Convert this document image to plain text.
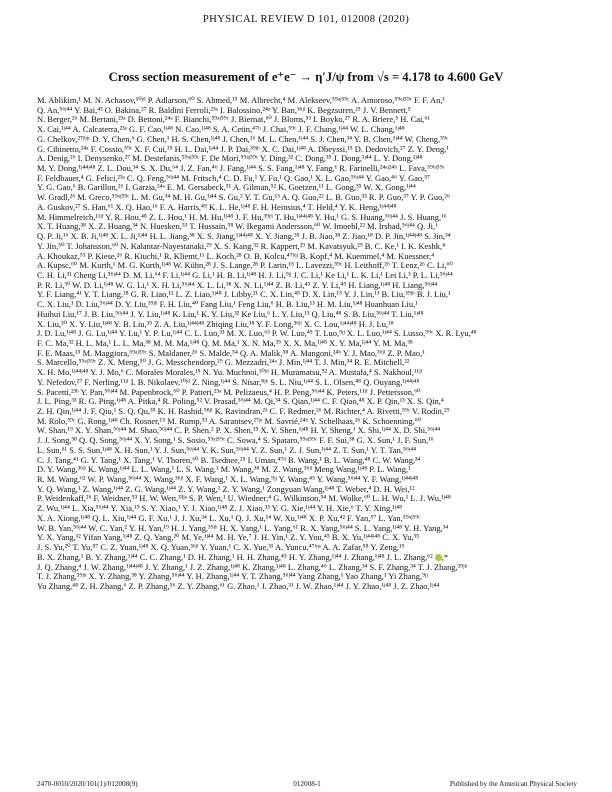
PHYSICAL REVIEW D 101, 012008 (2020)
Cross section measurement of e⁺e⁻ → η′J/ψ from √s = 4.178 to 4.600 GeV
M. Ablikim,¹ M. N. Achasov,¹⁰ʲᵈ P. Adlarson,⁶⁰ S. Ahmed,¹⁵ M. Albrecht,⁴ M. Alekseev,⁵⁹ᵃʲ⁵⁹ᶜ A. Amoroso,⁵⁹ᵃʲ⁵⁹ᶜ F. F. An,¹
Q. An,⁵⁶ʲ⁴⁴ Y. Bai,⁴³ O. Bakina,²⁷ R. Baldini Ferroli,²³ᵃ I. Balossino,²⁴ᵃ Y. Ban,³⁶ʲˡ K. Begzsuren,²⁵ J. V. Bennett,⁵
N. Berger,²⁶ M. Bertani,²³ᵃ D. Bettoni,²⁴ᵃ F. Bianchi,⁵⁹ᵃʲ⁵⁹ᶜ J. Biernat,⁶⁰ J. Bloms,⁵³ I. Boyko,²⁷ R. A. Briere,⁵ H. Cai,⁶¹
X. Cai,¹ʲ⁴⁴ A. Calcaterra,²³ᵃ G. F. Cao,¹ʲ⁴⁸ N. Cao,¹ʲ⁴⁸ S. A. Cetin,⁴⁷ᵇ J. Chai,⁵⁹ᶜ J. F. Chang,¹ʲ⁴⁴ W. L. Chang,¹ʲ⁴⁸
G. Chelkov,²⁷ʲᵇʲᶜ D. Y. Chen,⁶ G. Chen,¹ H. S. Chen,¹ʲ⁴⁸ J. Chen,¹⁶ M. L. Chen,¹ʲ⁴⁴ S. J. Chen,³⁴ Y. B. Chen,¹ʲ⁴⁴ W. Cheng,⁵⁹ᶜ
G. Cibinetto,²⁴ᵃ F. Cossio,⁵⁹ᶜ X. F. Cui,³⁵ H. L. Dai,¹ʲ⁴⁴ J. P. Dai,³⁹ʲʰ X. C. Dai,¹ʲ⁴⁸ A. Dbeyssi,¹⁵ D. Dedovich,²⁷ Z. Y. Deng,¹
A. Denig,²⁶ I. Denysenko,²⁷ M. Destefanis,⁵⁹ᵃʲ⁵⁹ᶜ F. De Mori,⁵⁹ᵃʲ⁵⁹ᶜ Y. Ding,³² C. Dong,³⁵ J. Dong,¹ʲ⁴⁴ L. Y. Dong,¹ʲ⁴⁸
M. Y. Dong,¹ʲ⁴⁴ʲ⁴⁸ Z. L. Dou,³⁴ S. X. Du,⁶⁴ J. Z. Fan,⁴⁶ J. Fang,¹ʲ⁴⁴ S. S. Fang,¹ʲ⁴⁸ Y. Fang,¹ R. Farinelli,²⁴ᵃʲ²⁴ᵇ L. Fava,⁵⁹ᵇʲ⁵⁹ᶜ
F. Feldbauer,⁴ G. Felici,²³ᵃ C. Q. Feng,⁵⁶ʲ⁴⁴ M. Fritsch,⁴ C. D. Fu,¹ Y. Fu,¹ Q. Gao,¹ X. L. Gao,⁵⁶ʲ⁴⁴ Y. Gao,⁴⁶ Y. Gao,⁵⁷
Y. G. Gao,⁶ B. Garillon,²⁶ I. Garzia,²⁴ᵃ E. M. Gersabeck,⁵¹ A. Gilman,⁵² K. Goetzen,¹¹ L. Gong,³⁵ W. X. Gong,¹ʲ⁴⁴
W. Gradl,²⁶ M. Greco,⁵⁹ᵃʲ⁵⁹ᶜ L. M. Gu,³⁴ M. H. Gu,¹ʲ⁴⁴ S. Gu,² Y. T. Gu,¹³ A. Q. Guo,²² L. B. Guo,³³ R. P. Guo,³⁷ Y. P. Guo,²⁶
A. Guskov,²⁷ S. Han,⁶¹ X. Q. Hao,¹⁶ F. A. Harris,⁴⁹ K. L. He,¹ʲ⁴⁸ F. H. Heinsius,⁴ T. Held,⁴ Y. K. Heng,¹ʲ⁴⁴ʲ⁴⁸
M. Himmelreich,¹¹ʲᶠ Y. R. Hou,⁴⁸ Z. L. Hou,¹ H. M. Hu,¹ʲ⁴⁸ J. F. Hu,³⁹ʲʰ T. Hu,¹ʲ⁴⁴ʲ⁴⁸ Y. Hu,¹ G. S. Huang,⁵⁶ʲ⁴⁴ J. S. Huang,¹⁶
X. T. Huang,³⁸ X. Z. Huang,³⁴ N. Huesken,⁵³ T. Hussain,⁵⁸ W. Ikegami Andersson,⁶⁰ W. Imoehl,²² M. Irshad,⁵⁶ʲ⁴⁴ Q. Ji,¹
Q. P. Ji,¹⁶ X. B. Ji,¹ʲ⁴⁸ X. L. Ji,¹ʲ⁴⁴ H. L. Jiang,³⁸ X. S. Jiang,¹ʲ⁴⁴ʲ⁴⁸ X. Y. Jiang,³⁵ J. B. Jiao,³⁸ Z. Jiao,¹⁸ D. P. Jin,¹ʲ⁴⁴ʲ⁴⁸ S. Jin,³⁴
Y. Jin,⁵⁰ T. Johansson,⁶⁰ N. Kalantar-Nayestanaki,²⁹ X. S. Kang,³² R. Kappert,²⁹ M. Kavatsyuk,²⁹ B. C. Ke,¹ I. K. Keshk,⁴
A. Khoukaz,⁵³ P. Kiese,²⁶ R. Kiuchi,¹ R. Kliemt,¹¹ L. Koch,²⁸ O. B. Kolcu,⁴⁷ᵇʲʲ B. Kopf,⁴ M. Kuemmel,⁴ M. Kuessner,⁴
A. Kupsc,⁶⁰ M. Kurth,¹ M. G. Kurth,¹ʲ⁴⁸ W. Kühn,²⁸ J. S. Lange,²⁸ P. Larin,¹⁵ L. Lavezzi,⁵⁹ᶜ H. Leithoff,²⁶ T. Lenz,²⁶ C. Li,⁶⁰
C. H. Li,³¹ Cheng Li,⁵⁶ʲ⁴⁴ D. M. Li,⁶⁴ F. Li,¹ʲ⁴⁴ G. Li,¹ H. B. Li,¹ʲ⁴⁸ H. J. Li,⁹ʲʲ J. C. Li,¹ Ke Li,¹ L. K. Li,¹ Lei Li,³ P. L. Li,⁵⁶ʲ⁴⁴
P. R. Li,³⁰ W. D. Li,¹ʲ⁴⁸ W. G. Li,¹ X. H. Li,⁵⁶ʲ⁴⁴ X. L. Li,³⁸ X. N. Li,¹ʲ⁴⁴ Z. B. Li,⁴⁵ Z. Y. Li,⁴⁵ H. Liang,¹ʲ⁴⁸ H. Liang,⁵⁶ʲ⁴⁴
Y. F. Liang,⁴¹ Y. T. Liang,²⁸ G. R. Liao,¹² L. Z. Liao,¹ʲ⁴⁸ J. Libby,²¹ C. X. Lin,⁴⁵ D. X. Lin,¹⁵ Y. J. Lin,¹³ B. Liu,³⁹ʲʰ B. J. Liu,¹
C. X. Liu,¹ D. Liu,⁵⁶ʲ⁴⁴ D. Y. Liu,³⁹ʲʰ F. H. Liu,⁴⁰ Fang Liu,¹ Feng Liu,⁶ H. B. Liu,¹³ H. M. Liu,¹ʲ⁴⁸ Huanhuan Liu,¹
Huihui Liu,¹⁷ J. B. Liu,⁵⁶ʲ⁴⁴ J. Y. Liu,¹ʲ⁴⁸ K. Liu,¹ K. Y. Liu,³² Ke Liu,⁶ L. Y. Liu,¹³ Q. Liu,⁴⁸ S. B. Liu,⁵⁶ʲ⁴⁴ T. Liu,¹ʲ⁴⁸
X. Liu,³⁰ X. Y. Liu,¹ʲ⁴⁸ Y. B. Liu,³⁵ Z. A. Liu,¹ʲ⁴⁴ʲ⁴⁸ Zhiqing Liu,³⁸ Y. F. Long,³⁶ʲˡ X. C. Lou,¹ʲ⁴⁴ʲ⁴⁸ H. J. Lu,¹⁸
J. D. Lu,¹ʲ⁴⁸ J. G. Lu,¹ʲ⁴⁴ Y. Lu,¹ Y. P. Lu,¹ʲ⁴⁴ C. L. Luo,³³ M. X. Luo,⁶³ P. W. Luo,⁴⁵ T. Luo,⁹ʲʲ X. L. Luo,¹ʲ⁴⁴ S. Lusso,⁵⁹ᶜ X. R. Lyu,⁴⁸
F. C. Ma,³² H. L. Ma,¹ L. L. Ma,³⁸ M. M. Ma,¹ʲ⁴⁸ Q. M. Ma,¹ X. N. Ma,³⁵ X. X. Ma,¹ʲ⁴⁸ X. Y. Ma,¹ʲ⁴⁴ Y. M. Ma,³⁸
F. E. Maas,¹⁵ M. Maggiora,⁵⁹ᵃʲ⁵⁹ᶜ S. Maldaner,²⁶ S. Malde,⁵⁴ Q. A. Malik,⁵⁸ A. Mangoni,²⁴ᵇ Y. J. Mao,³⁶ʲˡ Z. P. Mao,¹
S. Marcello,⁵⁹ᵃʲ⁵⁹ᶜ Z. X. Meng,⁵⁰ J. G. Messchendorp,²⁹ G. Mezzadri,²⁴ᵃ J. Min,¹ʲ⁴⁴ T. J. Min,³⁴ R. E. Mitchell,²²
X. H. Mo,¹ʲ⁴⁴ʲ⁴⁸ Y. J. Mo,⁶ C. Morales Morales,¹⁵ N. Yu. Muchnoi,¹⁰ʲᵈ H. Muramatsu,⁵² A. Mustafa,⁴ S. Nakhoul,¹¹ʲᶠ
Y. Nefedov,²⁷ F. Nerling,¹¹ʲᶠ I. B. Nikolaev,¹⁰ʲᵈ Z. Ning,¹ʲ⁴⁴ S. Nisar,⁸ʲᵏ S. L. Niu,¹ʲ⁴⁴ S. L. Olsen,⁴⁸ Q. Ouyang,¹ʲ⁴⁴ʲ⁴⁸
S. Pacetti,²³ᵇ Y. Pan,⁵⁶ʲ⁴⁴ M. Papenbrock,⁶⁰ P. Patteri,²³ᵃ M. Pelizaeus,⁴ H. P. Peng,⁵⁶ʲ⁴⁴ K. Peters,¹¹ʲᶠ J. Pettersson,⁶⁰
J. L. Ping,³³ R. G. Ping,¹ʲ⁴⁸ A. Pitka,⁴ R. Poling,⁵² V. Prasad,⁵⁶ʲ⁴⁴ M. Qi,³⁴ S. Qian,¹ʲ⁴⁴ C. F. Qiao,⁴⁸ X. P. Qin,¹³ X. S. Qin,⁴
Z. H. Qin,¹ʲ⁴⁴ J. F. Qiu,¹ S. Q. Qu,³⁵ K. H. Rashid,⁵⁸ʲᴵ K. Ravindran,²¹ C. F. Redmer,²⁶ M. Richter,⁴ A. Rivetti,⁵⁹ᶜ V. Rodin,²⁹
M. Rolo,⁵⁹ᶜ G. Rong,¹ʲ⁴⁸ Ch. Rosner,¹⁵ M. Rump,⁵³ A. Sarantsev,²⁷ʲᵉ M. Savrié,²⁴ᵇ Y. Schelhaas,²⁶ K. Schoenning,⁶⁰
W. Shan,¹⁹ X. Y. Shan,⁵⁶ʲ⁴⁴ M. Shao,⁵⁶ʲ⁴⁴ C. P. Shen,² P. X. Shen,³⁵ X. Y. Shen,¹ʲ⁴⁸ H. Y. Sheng,¹ X. Shi,¹ʲ⁴⁴ X. D. Shi,⁵⁶ʲ⁴⁴
J. J. Song,³⁸ Q. Q. Song,⁵⁶ʲ⁴⁴ X. Y. Song,¹ S. Sosio,⁵⁹ᵃʲ⁵⁹ᶜ C. Sowa,⁴ S. Spataro,⁵⁹ᵃʲ⁵⁹ᶜ F. F. Sui,³⁸ G. X. Sun,¹ J. F. Sun,¹⁶
L. Sun,⁶¹ S. S. Sun,¹ʲ⁴⁸ X. H. Sun,¹ Y. J. Sun,⁵⁶ʲ⁴⁴ Y. K. Sun,⁵⁶ʲ⁴⁴ Y. Z. Sun,¹ Z. J. Sun,¹ʲ⁴⁴ Z. T. Sun,¹ Y. T. Tan,⁵⁶ʲ⁴⁴
C. J. Tang,⁴¹ G. Y. Tang,¹ X. Tang,¹ V. Thoren,⁶⁰ B. Tsednee,²⁵ I. Uman,⁴⁷ᵈ B. Wang,¹ B. L. Wang,⁴⁸ C. W. Wang,³⁴
D. Y. Wang,³⁶ʲˡ K. Wang,¹ʲ⁴⁴ L. L. Wang,¹ L. S. Wang,¹ M. Wang,³⁸ M. Z. Wang,³⁶ʲˡ Meng Wang,¹ʲ⁴⁸ P. L. Wang,¹
R. M. Wang,⁶² W. P. Wang,⁵⁶ʲ⁴⁴ X. Wang,³⁶ʲˡ X. F. Wang,¹ X. L. Wang,⁹ʲʲ Y. Wang,⁴⁵ Y. Wang,⁵⁶ʲ⁴⁴ Y. F. Wang,¹ʲ⁴⁴ʲ⁴⁸
Y. Q. Wang,¹ Z. Wang,¹ʲ⁴⁴ Z. G. Wang,¹ʲ⁴⁴ Z. Y. Wang,¹ Z. Y. Wang,¹ Zongyuan Wang,¹ʲ⁴⁸ T. Weber,⁴ D. H. Wei,¹²
P. Weidenkaff,²⁶ F. Weidner,⁵³ H. W. Wen,³³ʲᵃ S. P. Wen,¹ U. Wiedner,⁴ G. Wilkinson,⁵⁴ M. Wolke,⁶⁰ L. H. Wu,¹ L. J. Wu,¹ʲ⁴⁸
Z. Wu,¹ʲ⁴⁴ L. Xia,⁵⁶ʲ⁴⁴ Y. Xia,¹⁹ S. Y. Xiao,¹ Y. J. Xiao,¹ʲ⁴⁸ Z. J. Xiao,³³ Y. G. Xie,¹ʲ⁴⁴ Y. H. Xie,⁶ T. Y. Xing,¹ʲ⁴⁸
X. A. Xiong,¹ʲ⁴⁸ Q. L. Xiu,¹ʲ⁴⁴ G. F. Xu,¹ J. J. Xu,³⁴ L. Xu,¹ Q. J. Xu,¹⁴ W. Xu,¹ʲ⁴⁸ X. P. Xu,⁴² F. Yan,⁵⁷ L. Yan,⁵⁹ᵃʲ⁵⁹ᶜ
W. B. Yan,⁵⁶ʲ⁴⁴ W. C. Yan,² Y. H. Yan,¹⁹ H. J. Yang,³⁹ʲʰ H. X. Yang,¹ L. Yang,⁶¹ R. X. Yang,⁵⁶ʲ⁴⁴ S. L. Yang,¹ʲ⁴⁸ Y. H. Yang,³⁴
Y. X. Yang,¹² Yifan Yang,¹ʲ⁴⁸ Z. Q. Yang,²⁰ M. Ye,¹ʲ⁴⁴ M. H. Ye,⁷ J. H. Yin,¹ Z. Y. You,⁴⁵ B. X. Yu,¹ʲ⁴⁴ʲ⁴⁸ C. X. Yu,³⁵
J. S. Yu,²⁰ T. Yu,⁵⁷ C. Z. Yuan,¹ʲ⁴⁸ X. Q. Yuan,³⁶ʲˡ Y. Yuan,¹ C. X. Yue,³¹ A. Yuncu,⁴⁷ᵇʲᵃ A. A. Zafar,⁵⁸ Y. Zeng,¹⁹
B. X. Zhang,¹ B. Y. Zhang,¹ʲ⁴⁴ C. C. Zhang,¹ D. H. Zhang,¹ H. H. Zhang,⁴⁵ H. Y. Zhang,¹ʲ⁴⁴ J. Zhang,¹ʲ⁴⁸ J. L. Zhang,⁶² ,*
J. Q. Zhang,⁴ J. W. Zhang,¹ʲ⁴⁴ʲ⁴⁸ J. Y. Zhang,¹ J. Z. Zhang,¹ʲ⁴⁸ K. Zhang,¹ʲ⁴⁸ L. Zhang,⁴⁶ L. Zhang,³⁴ S. F. Zhang,³⁴ T. J. Zhang,³⁹ʲʰ
T. J. Zhang,³⁹ʲʰ X. Y. Zhang,³⁸ Y. Zhang,⁵⁶ʲ⁴⁴ Y. H. Zhang,¹ʲ⁴⁴ Y. T. Zhang,⁵⁶ʲ⁴⁴ Yang Zhang,¹ Yao Zhang,¹ Yi Zhang,⁹ʲʲ
Yu Zhang,⁴⁸ Z. H. Zhang,⁶ Z. P. Zhang,⁵⁶ Z. Y. Zhang,⁶¹ G. Zhao,¹ J. Zhao,³¹ J. W. Zhao,¹ʲ⁴⁴ J. Y. Zhao,¹ʲ⁴⁸ J. Z. Zhao,¹ʲ⁴⁴
2470-0010/2020/101(1)/012008(9)	012008-1	Published by the American Physical Society
